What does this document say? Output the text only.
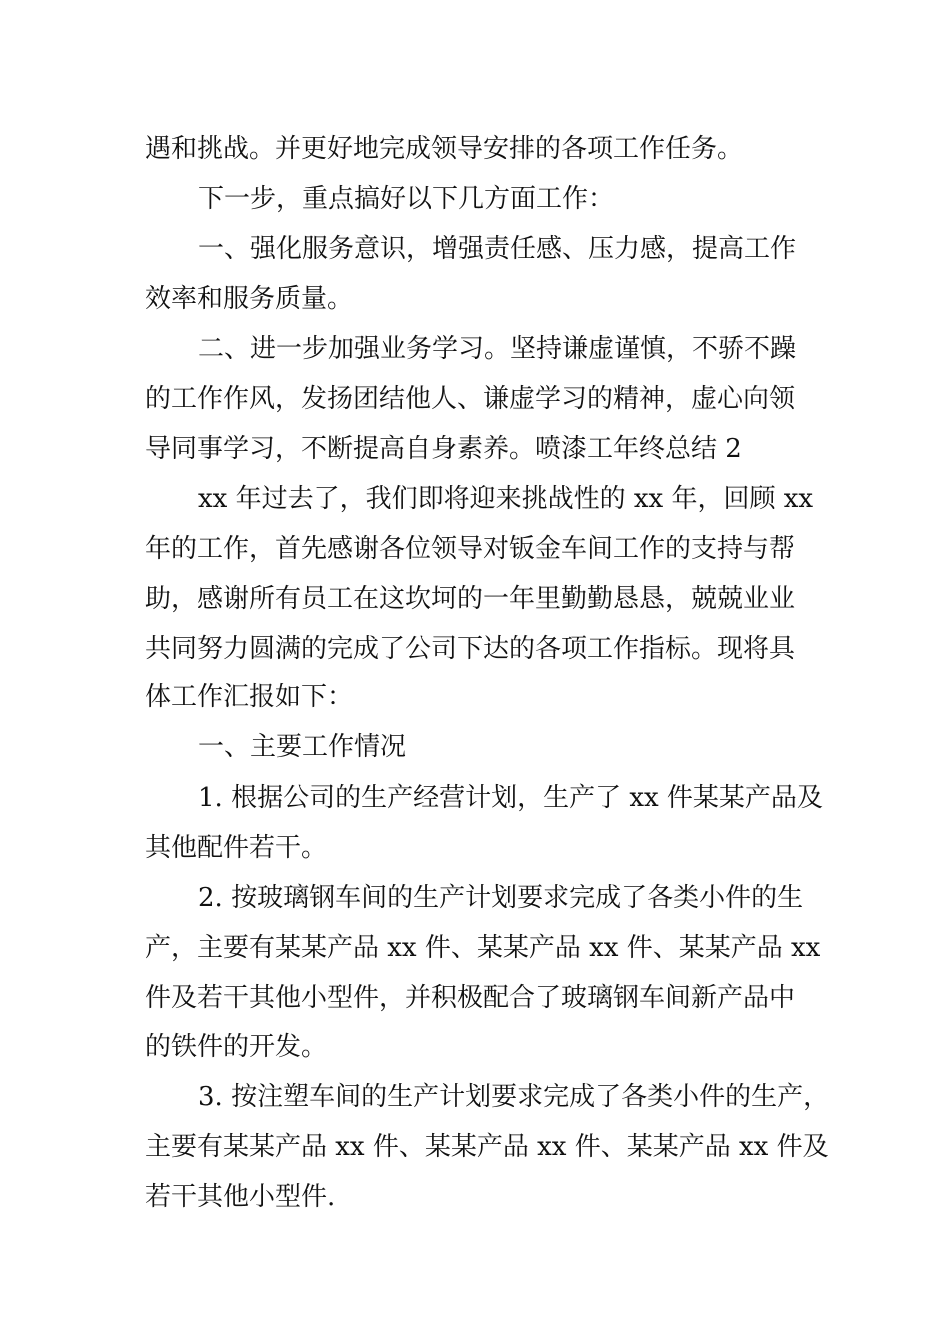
遇和挑战。并更好地完成领导安排的各项工作任务。

下一步，重点搞好以下几方面工作：

一、强化服务意识，增强责任感、压力感，提高工作

效率和服务质量。

二、进一步加强业务学习。坚持谦虚谨慎，不骄不躁

的工作作风，发扬团结他人、谦虚学习的精神，虚心向领

导同事学习，不断提高自身素养。喷漆工年终总结 2

xx 年过去了，我们即将迎来挑战性的 xx 年，回顾 xx

年的工作，首先感谢各位领导对钣金车间工作的支持与帮

助，感谢所有员工在这坎坷的一年里勤勤恳恳，兢兢业业

共同努力圆满的完成了公司下达的各项工作指标。现将具

体工作汇报如下：

一、主要工作情况

1. 根据公司的生产经营计划，生产了 xx 件某某产品及

其他配件若干。

2. 按玻璃钢车间的生产计划要求完成了各类小件的生

产，主要有某某产品 xx 件、某某产品 xx 件、某某产品 xx

件及若干其他小型件，并积极配合了玻璃钢车间新产品中

的铁件的开发。

3. 按注塑车间的生产计划要求完成了各类小件的生产，

主要有某某产品 xx 件、某某产品 xx 件、某某产品 xx 件及

若干其他小型件.
